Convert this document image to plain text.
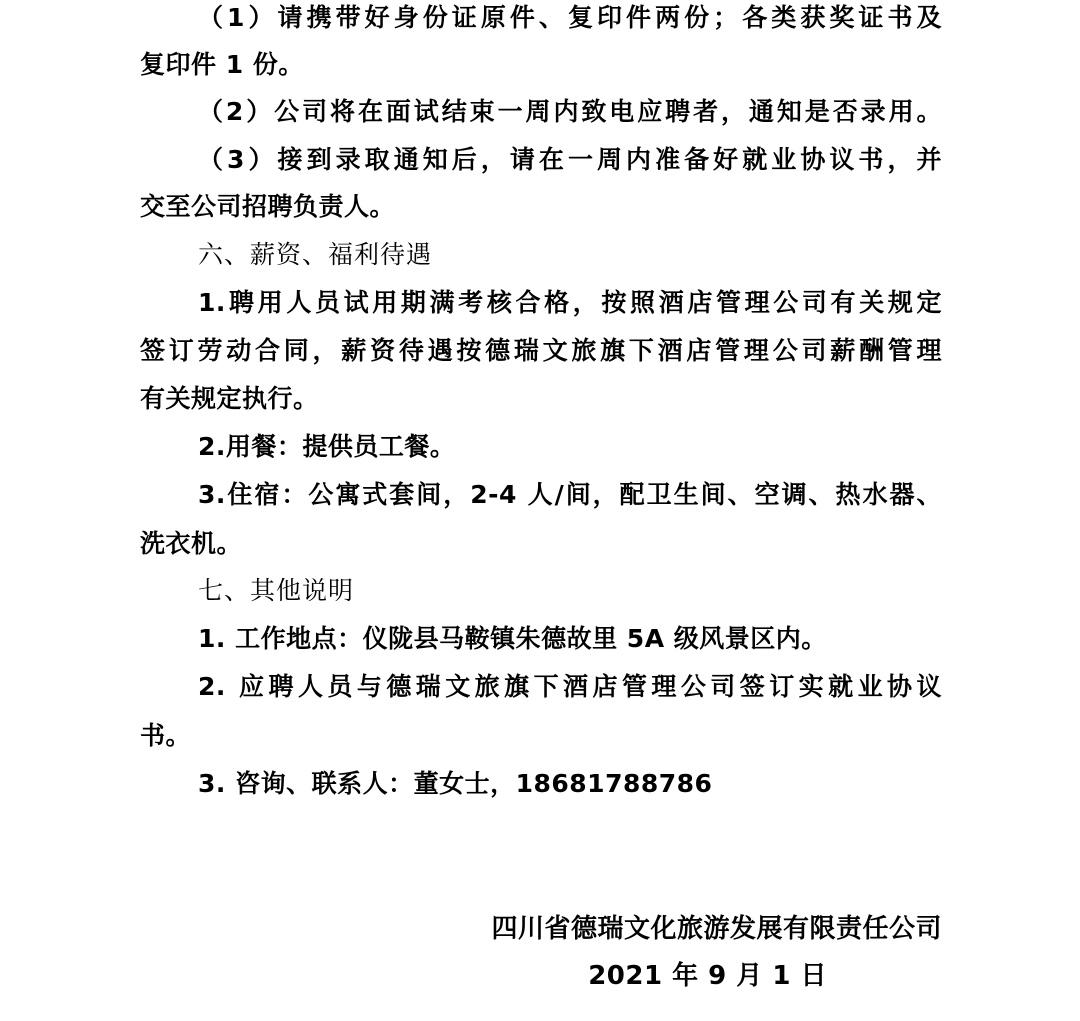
（1）请携带好身份证原件、复印件两份；各类获奖证书及
复印件 1 份。
（2）公司将在面试结束一周内致电应聘者，通知是否录用。
（3）接到录取通知后，请在一周内准备好就业协议书，并
交至公司招聘负责人。
六、薪资、福利待遇
1.聘用人员试用期满考核合格，按照酒店管理公司有关规定
签订劳动合同，薪资待遇按德瑞文旅旗下酒店管理公司薪酬管理
有关规定执行。
2.用餐：提供员工餐。
3.住宿：公寓式套间，2-4 人/间，配卫生间、空调、热水器、
洗衣机。
七、其他说明
1. 工作地点：仪陇县马鞍镇朱德故里 5A 级风景区内。
2. 应聘人员与德瑞文旅旗下酒店管理公司签订实就业协议
书。
3. 咨询、联系人：董女士，18681788786
四川省德瑞文化旅游发展有限责任公司
2021 年 9 月 1 日
